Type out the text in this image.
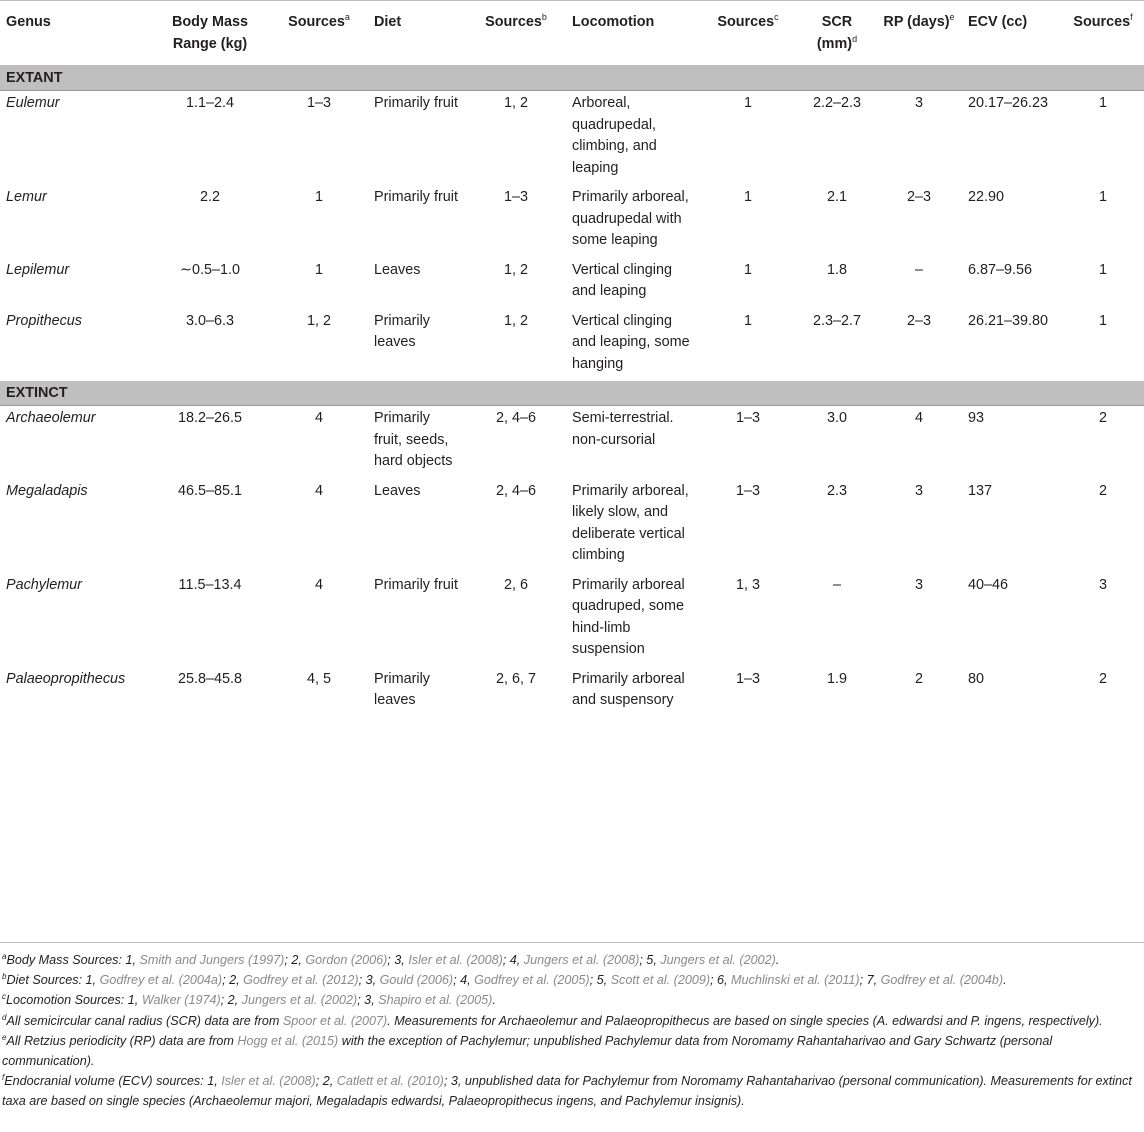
Genus	Body Mass Range (kg)	Sources$^a$	Diet	Sources$^b$	Locomotion	Sources$^c$	SCR (mm)$^d$	RP (days)$^e$	ECV (cc)	Sources$^f$
EXTANT										
Eulemur	1.1–2.4	1–3	Primarily fruit	1, 2	Arboreal, quadrupedal, climbing, and leaping	1	2.2–2.3	3	20.17–26.23	1
Lemur	2.2	1	Primarily fruit	1–3	Primarily arboreal, quadrupedal with some leaping	1	2.1	2–3	22.90	1
Lepilemur	∼0.5–1.0	1	Leaves	1, 2	Vertical clinging and leaping	1	1.8	–	6.87–9.56	1
Propithecus	3.0–6.3	1, 2	Primarily leaves	1, 2	Vertical clinging and leaping, some hanging	1	2.3–2.7	2–3	26.21–39.80	1
EXTINCT										
Archaeolemur	18.2–26.5	4	Primarily fruit, seeds, hard objects	2, 4–6	Semi-terrestrial. non-cursorial	1–3	3.0	4	93	2
Megaladapis	46.5–85.1	4	Leaves	2, 4–6	Primarily arboreal, likely slow, and deliberate vertical climbing	1–3	2.3	3	137	2
Pachylemur	11.5–13.4	4	Primarily fruit	2, 6	Primarily arboreal quadruped, some hind-limb suspension	1, 3	–	3	40–46	3
Palaeopropithecus	25.8–45.8	4, 5	Primarily leaves	2, 6, 7	Primarily arboreal and suspensory	1–3	1.9	2	80	2
$^a$Body Mass Sources: 1, Smith and Jungers (1997); 2, Gordon (2006); 3, Isler et al. (2008); 4, Jungers et al. (2008); 5, Jungers et al. (2002).
$^b$Diet Sources: 1, Godfrey et al. (2004a); 2, Godfrey et al. (2012); 3, Gould (2006); 4, Godfrey et al. (2005); 5, Scott et al. (2009); 6, Muchlinski et al. (2011); 7, Godfrey et al. (2004b).
$^c$Locomotion Sources: 1, Walker (1974); 2, Jungers et al. (2002); 3, Shapiro et al. (2005).
$^d$All semicircular canal radius (SCR) data are from Spoor et al. (2007). Measurements for Archaeolemur and Palaeopropithecus are based on single species (A. edwardsi and P. ingens, respectively).
$^e$All Retzius periodicity (RP) data are from Hogg et al. (2015) with the exception of Pachylemur; unpublished Pachylemur data from Noromamy Rahantaharivao and Gary Schwartz (personal communication).
$^f$Endocranial volume (ECV) sources: 1, Isler et al. (2008); 2, Catlett et al. (2010); 3, unpublished data for Pachylemur from Noromamy Rahantaharivao (personal communication). Measurements for extinct taxa are based on single species (Archaeolemur majori, Megaladapis edwardsi, Palaeopropithecus ingens, and Pachylemur insignis).
